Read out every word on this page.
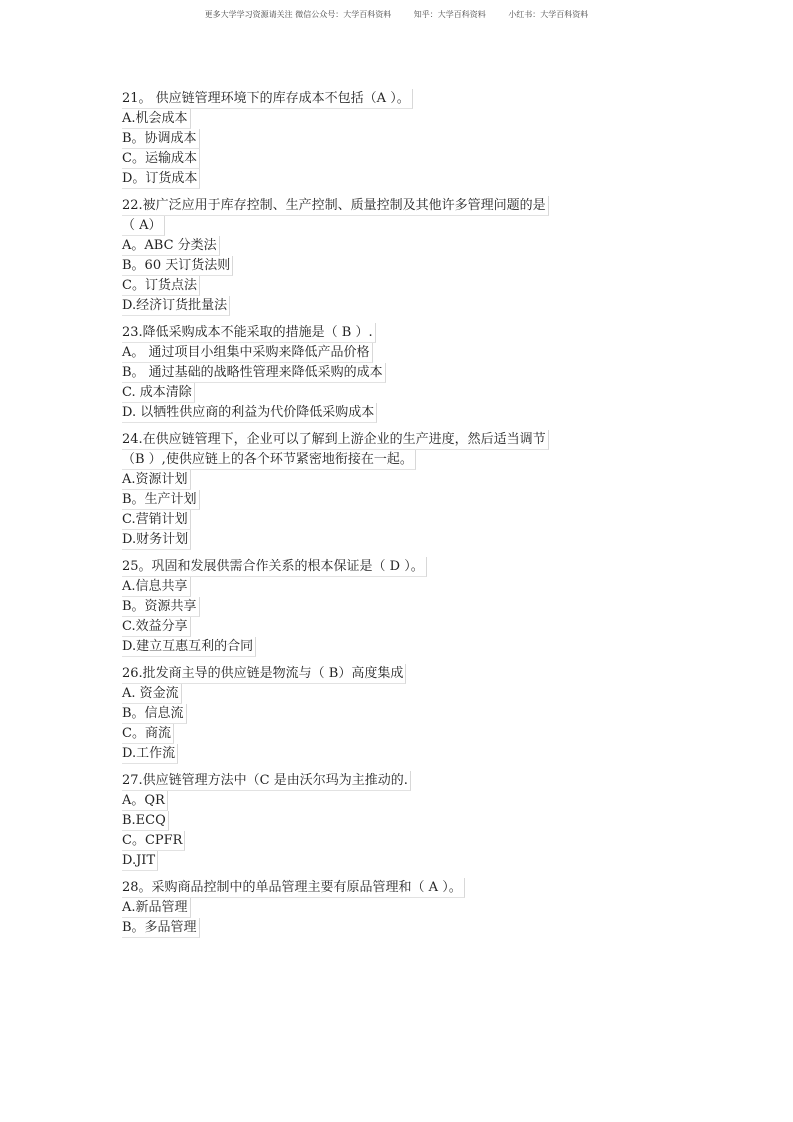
更多大学学习资源请关注 微信公众号：大学百科资料	知乎：大学百科资料	小红书：大学百科资料
21。 供应链管理环境下的库存成本不包括（A ）。
A.机会成本
B。协调成本
C。运输成本
D。订货成本
22.被广泛应用于库存控制、生产控制、质量控制及其他许多管理问题的是
（ A）
A。ABC 分类法
B。60 天订货法则
C。订货点法
D.经济订货批量法
23.降低采购成本不能采取的措施是（ B ）.
A。 通过项目小组集中采购来降低产品价格
B。 通过基础的战略性管理来降低采购的成本
C. 成本清除
D. 以牺牲供应商的利益为代价降低采购成本
24.在供应链管理下，企业可以了解到上游企业的生产进度，然后适当调节
（B ）,使供应链上的各个环节紧密地衔接在一起。
A.资源计划
B。生产计划
C.营销计划
D.财务计划
25。巩固和发展供需合作关系的根本保证是（ D ）。
A.信息共享
B。资源共享
C.效益分享
D.建立互惠互利的合同
26.批发商主导的供应链是物流与（ B）高度集成
A. 资金流
B。信息流
C。商流
D.工作流
27.供应链管理方法中（C 是由沃尔玛为主推动的.
A。QR
B.ECQ
C。CPFR
D.JIT
28。采购商品控制中的单品管理主要有原品管理和（ A ）。
A.新品管理
B。多品管理
